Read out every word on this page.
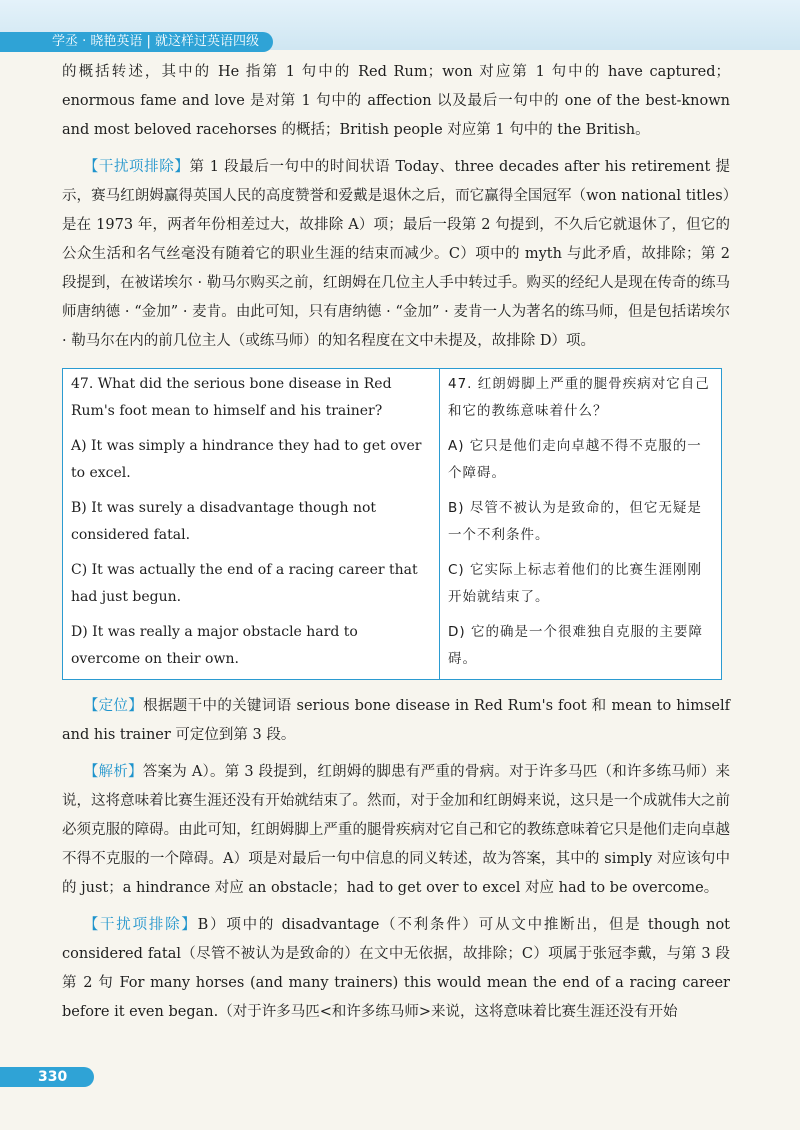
学丞 · 晓艳英语 | 就这样过英语四级

的概括转述，其中的 He 指第 1 句中的 Red Rum；won 对应第 1 句中的 have captured；enormous fame and love 是对第 1 句中的 affection 以及最后一句中的 one of the best-known and most beloved racehorses 的概括；British people 对应第 1 句中的 the British。

【干扰项排除】第 1 段最后一句中的时间状语 Today、three decades after his retirement 提示，赛马红朗姆赢得英国人民的高度赞誉和爱戴是退休之后，而它赢得全国冠军（won national titles）是在 1973 年，两者年份相差过大，故排除 A）项；最后一段第 2 句提到，不久后它就退休了，但它的公众生活和名气丝毫没有随着它的职业生涯的结束而减少。C）项中的 myth 与此矛盾，故排除；第 2 段提到，在被诺埃尔 · 勒马尔购买之前，红朗姆在几位主人手中转过手。购买的经纪人是现在传奇的练马师唐纳德 · “金加” · 麦肯。由此可知，只有唐纳德 · “金加” · 麦肯一人为著名的练马师，但是包括诺埃尔 · 勒马尔在内的前几位主人（或练马师）的知名程度在文中未提及，故排除 D）项。

47. What did the serious bone disease in Red Rum's foot mean to himself and his trainer?	47. 红朗姆脚上严重的腿骨疾病对它自己和它的教练意味着什么？
A) It was simply a hindrance they had to get over to excel.	A) 它只是他们走向卓越不得不克服的一个障碍。
B) It was surely a disadvantage though not considered fatal.	B) 尽管不被认为是致命的，但它无疑是一个不利条件。
C) It was actually the end of a racing career that had just begun.	C) 它实际上标志着他们的比赛生涯刚刚开始就结束了。
D) It was really a major obstacle hard to overcome on their own.	D) 它的确是一个很难独自克服的主要障碍。

【定位】根据题干中的关键词语 serious bone disease in Red Rum's foot 和 mean to himself and his trainer 可定位到第 3 段。

【解析】答案为 A）。第 3 段提到，红朗姆的脚患有严重的骨病。对于许多马匹（和许多练马师）来说，这将意味着比赛生涯还没有开始就结束了。然而，对于金加和红朗姆来说，这只是一个成就伟大之前必须克服的障碍。由此可知，红朗姆脚上严重的腿骨疾病对它自己和它的教练意味着它只是他们走向卓越不得不克服的一个障碍。A）项是对最后一句中信息的同义转述，故为答案，其中的 simply 对应该句中的 just；a hindrance 对应 an obstacle；had to get over to excel 对应 had to be overcome。

【干扰项排除】B）项中的 disadvantage（不利条件）可从文中推断出，但是 though not considered fatal（尽管不被认为是致命的）在文中无依据，故排除；C）项属于张冠李戴，与第 3 段第 2 句 For many horses (and many trainers) this would mean the end of a racing career before it even began.（对于许多马匹<和许多练马师>来说，这将意味着比赛生涯还没有开始

330
